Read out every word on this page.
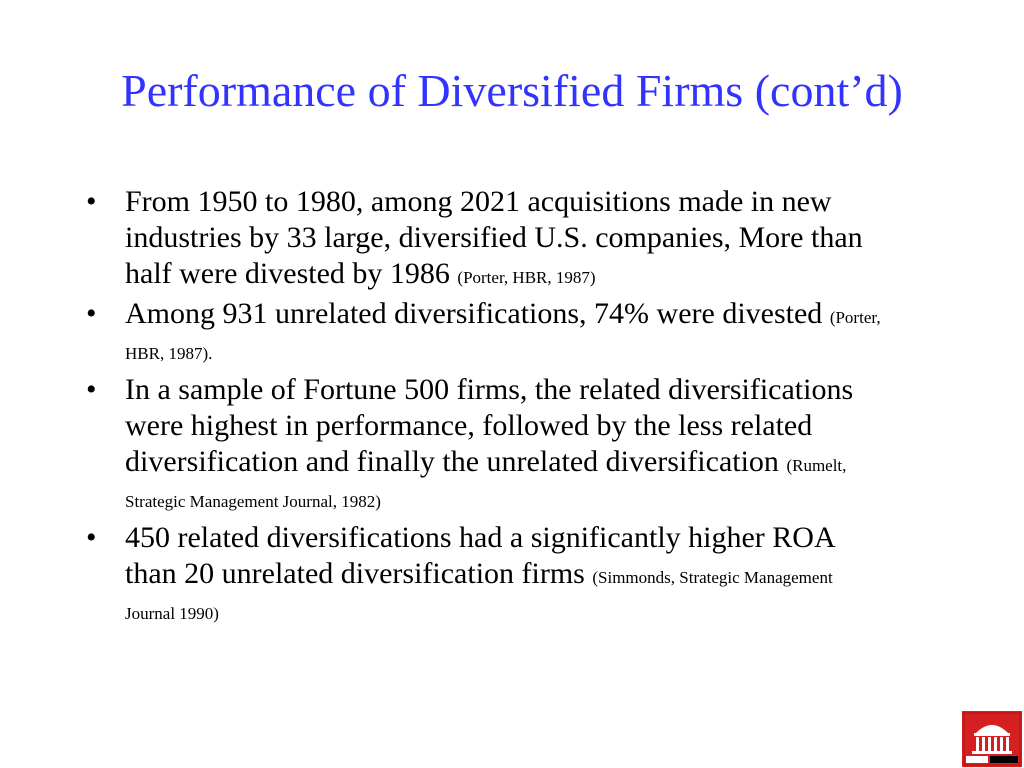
Performance of Diversified Firms (cont’d)
• From 1950 to 1980, among 2021 acquisitions made in new industries by 33 large, diversified U.S. companies, More than half were divested by 1986 (Porter, HBR, 1987)
• Among 931 unrelated diversifications, 74% were divested (Porter, HBR, 1987).
• In a sample of Fortune 500 firms, the related diversifications were highest in performance, followed by the less related diversification and finally the unrelated diversification (Rumelt, Strategic Management Journal, 1982)
• 450 related diversifications had a significantly higher ROA than 20 unrelated diversification firms (Simmonds, Strategic Management Journal 1990)
